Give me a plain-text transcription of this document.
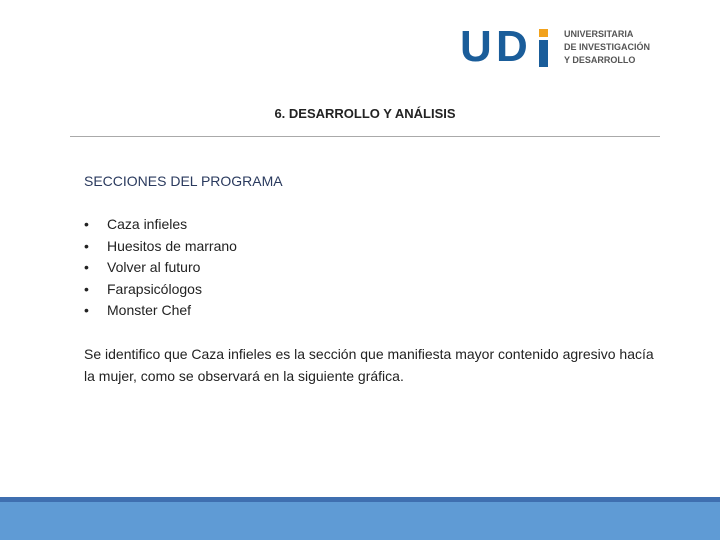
U D	UNIVERSITARIA
DE INVESTIGACIÓN
Y DESARROLLO
6. DESARROLLO Y ANÁLISIS
SECCIONES DEL PROGRAMA
•	Caza infieles
•	Huesitos de marrano
•	Volver al futuro
•	Farapsicólogos
•	Monster Chef
Se identifico que Caza infieles es la sección que manifiesta mayor contenido agresivo hacía la mujer, como se observará en la siguiente gráfica.
